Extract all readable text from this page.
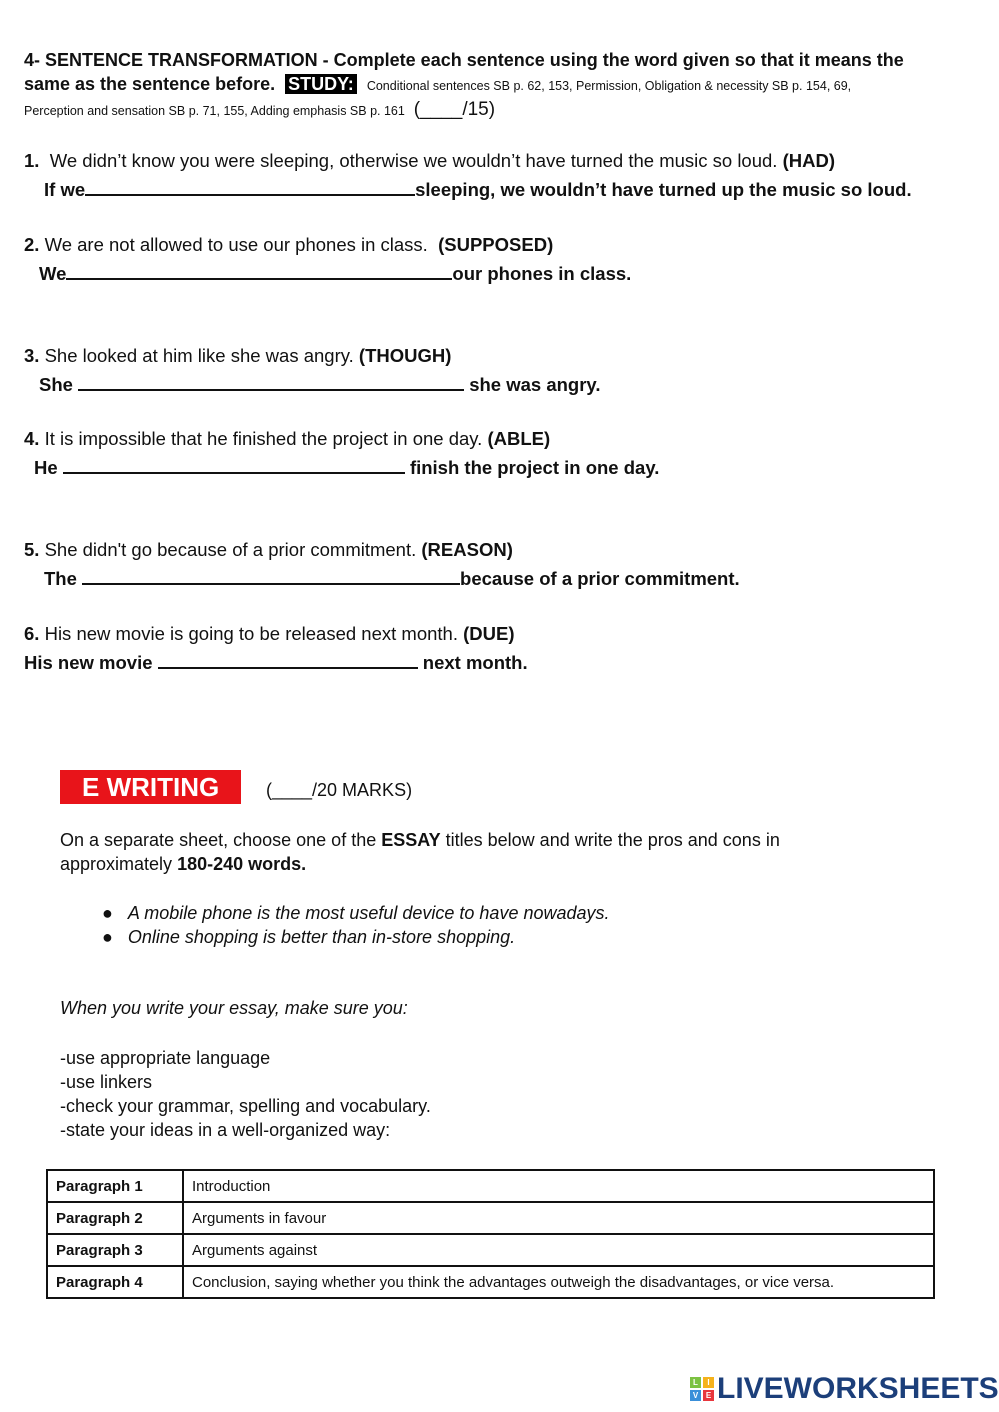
4- SENTENCE TRANSFORMATION - Complete each sentence using the word given so that it means the
same as the sentence before. STUDY: Conditional sentences SB p. 62, 153, Permission, Obligation & necessity SB p. 154, 69,
Perception and sensation SB p. 71, 155, Adding emphasis SB p. 161 (____/15)
1. We didn’t know you were sleeping, otherwise we wouldn’t have turned the music so loud. (HAD)
If we	sleeping, we wouldn’t have turned up the music so loud.
2. We are not allowed to use our phones in class. (SUPPOSED)
We	our phones in class.
3. She looked at him like she was angry. (THOUGH)
She	she was angry.
4. It is impossible that he finished the project in one day. (ABLE)
He	finish the project in one day.
5. She didn't go because of a prior commitment. (REASON)
The	because of a prior commitment.
6. His new movie is going to be released next month. (DUE)
His new movie	next month.
E WRITING	(____/20 MARKS)
On a separate sheet, choose one of the ESSAY titles below and write the pros and cons in
approximately 180-240 words.
● A mobile phone is the most useful device to have nowadays.
● Online shopping is better than in-store shopping.
When you write your essay, make sure you:
-use appropriate language
-use linkers
-check your grammar, spelling and vocabulary.
-state your ideas in a well-organized way:
Paragraph 1	Introduction
Paragraph 2	Arguments in favour
Paragraph 3	Arguments against
Paragraph 4	Conclusion, saying whether you think the advantages outweigh the disadvantages, or vice versa.
L	I
V E LIVEWORKSHEETS
